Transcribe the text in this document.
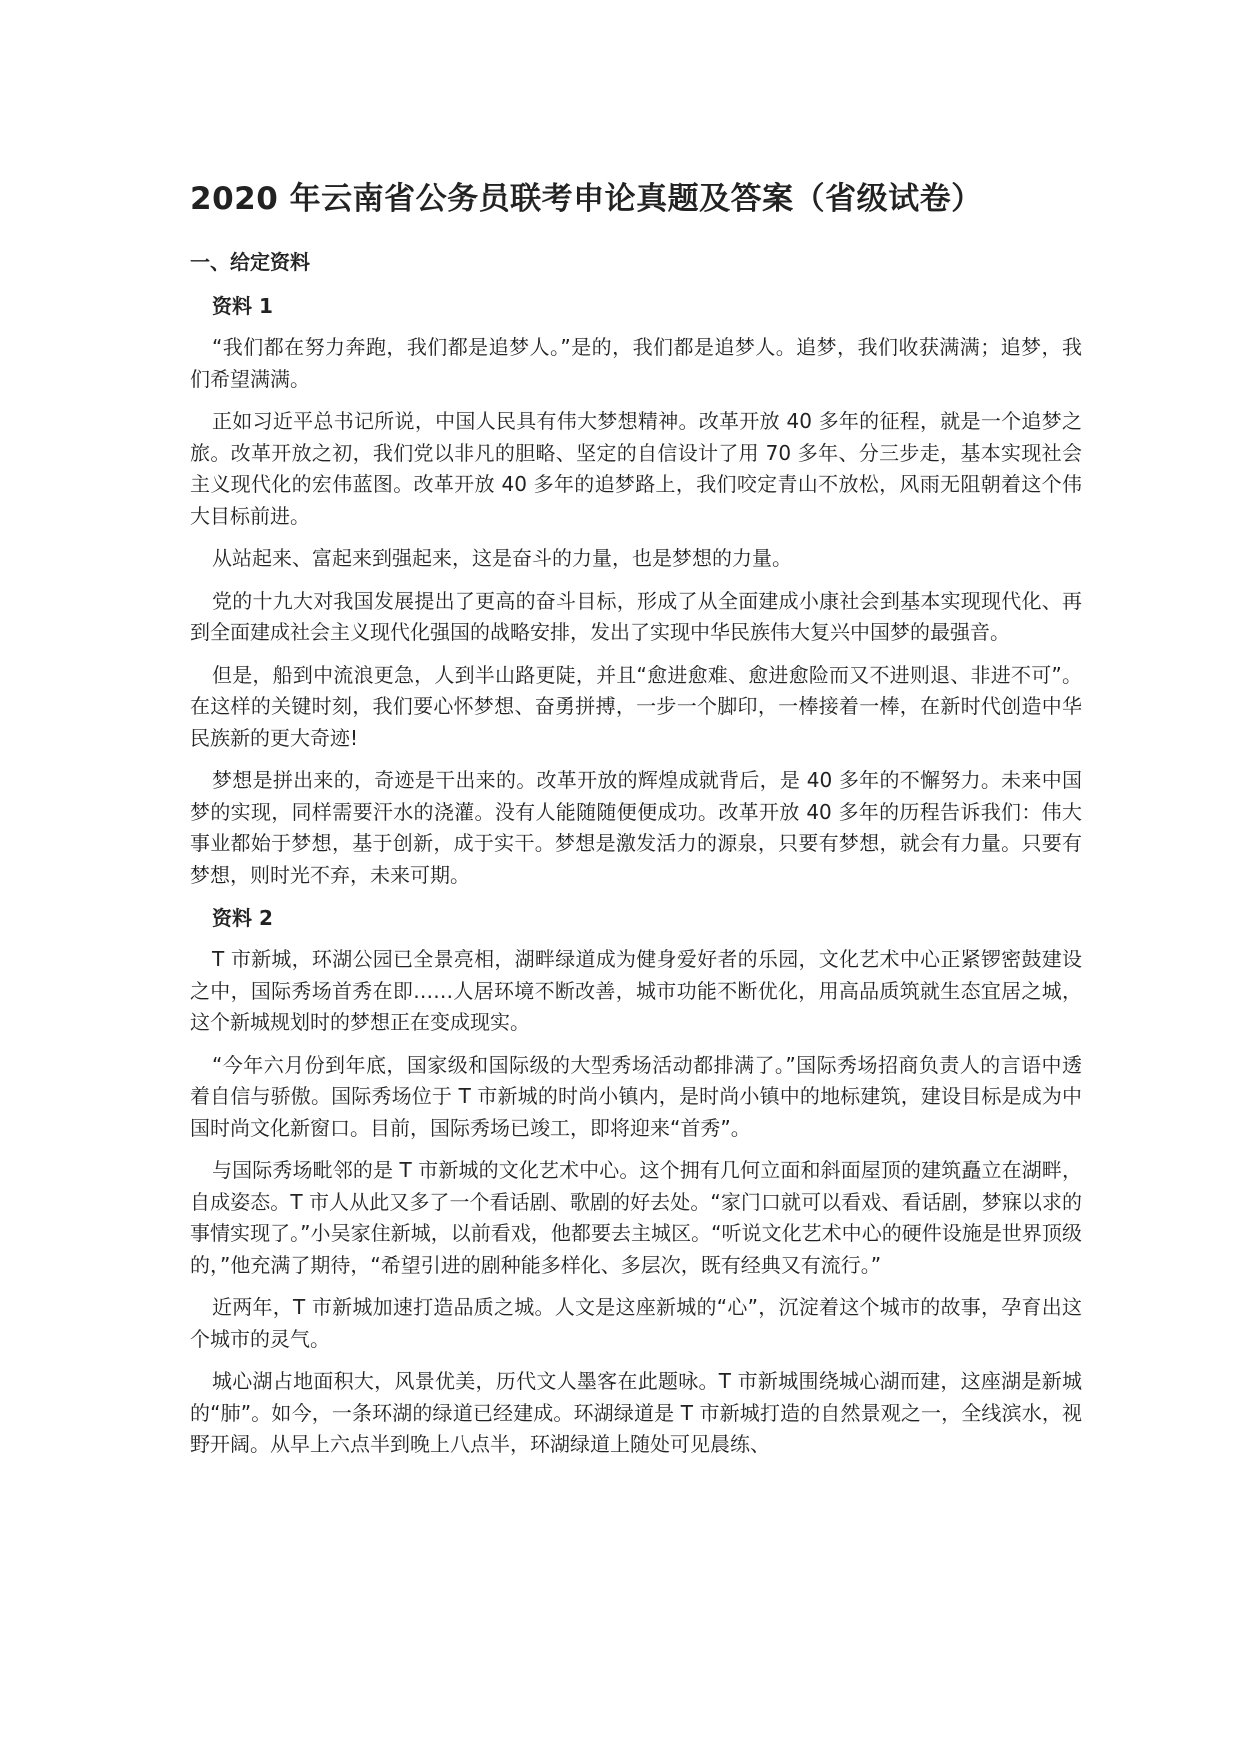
2020 年云南省公务员联考申论真题及答案（省级试卷）
一、给定资料
资料 1

“我们都在努力奔跑，我们都是追梦人。”是的，我们都是追梦人。追梦，我们收获满满；追梦，我们希望满满。

正如习近平总书记所说，中国人民具有伟大梦想精神。改革开放 40 多年的征程，就是一个追梦之旅。改革开放之初，我们党以非凡的胆略、坚定的自信设计了用 70 多年、分三步走，基本实现社会主义现代化的宏伟蓝图。改革开放 40 多年的追梦路上，我们咬定青山不放松，风雨无阻朝着这个伟大目标前进。

从站起来、富起来到强起来，这是奋斗的力量，也是梦想的力量。

党的十九大对我国发展提出了更高的奋斗目标，形成了从全面建成小康社会到基本实现现代化、再到全面建成社会主义现代化强国的战略安排，发出了实现中华民族伟大复兴中国梦的最强音。

但是，船到中流浪更急，人到半山路更陡，并且“愈进愈难、愈进愈险而又不进则退、非进不可”。在这样的关键时刻，我们要心怀梦想、奋勇拼搏，一步一个脚印，一棒接着一棒，在新时代创造中华民族新的更大奇迹!

梦想是拼出来的，奇迹是干出来的。改革开放的辉煌成就背后，是 40 多年的不懈努力。未来中国梦的实现，同样需要汗水的浇灌。没有人能随随便便成功。改革开放 40 多年的历程告诉我们：伟大事业都始于梦想，基于创新，成于实干。梦想是激发活力的源泉，只要有梦想，就会有力量。只要有梦想，则时光不弃，未来可期。

资料 2

T 市新城，环湖公园已全景亮相，湖畔绿道成为健身爱好者的乐园，文化艺术中心正紧锣密鼓建设之中，国际秀场首秀在即……人居环境不断改善，城市功能不断优化，用高品质筑就生态宜居之城，这个新城规划时的梦想正在变成现实。

“今年六月份到年底，国家级和国际级的大型秀场活动都排满了。”国际秀场招商负责人的言语中透着自信与骄傲。国际秀场位于 T 市新城的时尚小镇内，是时尚小镇中的地标建筑，建设目标是成为中国时尚文化新窗口。目前，国际秀场已竣工，即将迎来“首秀”。

与国际秀场毗邻的是 T 市新城的文化艺术中心。这个拥有几何立面和斜面屋顶的建筑矗立在湖畔，自成姿态。T 市人从此又多了一个看话剧、歌剧的好去处。“家门口就可以看戏、看话剧，梦寐以求的事情实现了。”小吴家住新城，以前看戏，他都要去主城区。“听说文化艺术中心的硬件设施是世界顶级的，”他充满了期待，“希望引进的剧种能多样化、多层次，既有经典又有流行。”

近两年，T 市新城加速打造品质之城。人文是这座新城的“心”，沉淀着这个城市的故事，孕育出这个城市的灵气。

城心湖占地面积大，风景优美，历代文人墨客在此题咏。T 市新城围绕城心湖而建，这座湖是新城的“肺”。如今，一条环湖的绿道已经建成。环湖绿道是 T 市新城打造的自然景观之一，全线滨水，视野开阔。从早上六点半到晚上八点半，环湖绿道上随处可见晨练、
